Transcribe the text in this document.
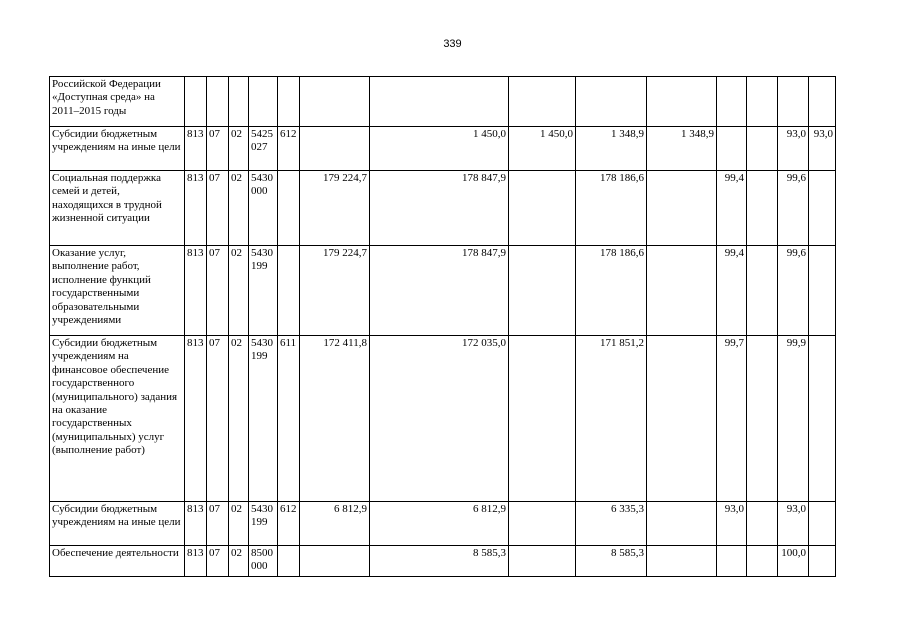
339
Российской Федерации «Доступная среда» на 2011–2015 годы														
Субсидии бюджетным учреждениям на иные цели	813	07	02	5425 027	612		1 450,0	1 450,0	1 348,9	1 348,9			93,0	93,0
Социальная поддержка семей и детей, находящихся в трудной жизненной ситуации	813	07	02	5430 000		179 224,7	178 847,9		178 186,6		99,4		99,6	
Оказание услуг, выполнение работ, исполнение функций государственными образовательными учреждениями	813	07	02	5430 199		179 224,7	178 847,9		178 186,6		99,4		99,6	
Субсидии бюджетным учреждениям на финансовое обеспечение государственного (муниципального) задания на оказание государственных (муниципальных) услуг (выполнение работ)	813	07	02	5430 199	611	172 411,8	172 035,0		171 851,2		99,7		99,9	
Субсидии бюджетным учреждениям на иные цели	813	07	02	5430 199	612	6 812,9	6 812,9		6 335,3		93,0		93,0	
Обеспечение деятельности	813	07	02	8500 000			8 585,3		8 585,3				100,0	
